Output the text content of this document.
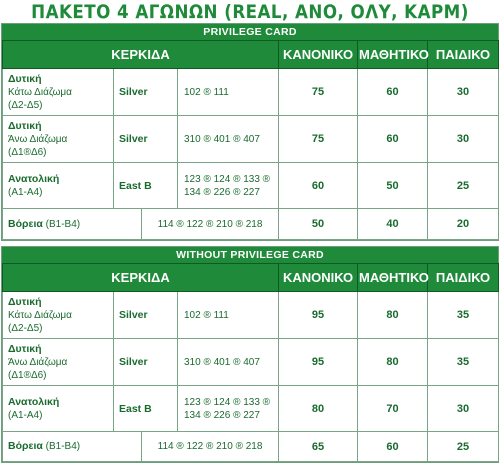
ΠΑΚΕΤΟ 4 ΑΓΩΝΩΝ (REAL, ΑΝΟ, ΟΛΥ, ΚΑΡΜ)
PRIVILEGE CARD
ΚΕΡΚΙΔΑ				ΚΑΝΟΝΙΚΟ	ΜΑΘΗΤΙΚΟ	ΠΑΙΔΙΚΟ
Δυτική
Κάτω Διάζωμα
(Δ2-Δ5)	Silver		102 ® 111	75	60	30
Δυτική
Άνω Διάζωμα
(Δ1®Δ6)	Silver		310 ® 401 ® 407	75	60	30
Ανατολική
(Α1-Α4)	East B		123 ® 124 ® 133 ®
134 ® 226 ® 227	60	50	25
Βόρεια (Β1-Β4)		114 ® 122 ® 210 ® 218		50	40	20
WITHOUT PRIVILEGE CARD
ΚΕΡΚΙΔΑ				ΚΑΝΟΝΙΚΟ	ΜΑΘΗΤΙΚΟ	ΠΑΙΔΙΚΟ
Δυτική
Κάτω Διάζωμα
(Δ2-Δ5)	Silver		102 ® 111	95	80	35
Δυτική
Άνω Διάζωμα
(Δ1®Δ6)	Silver		310 ® 401 ® 407	95	80	35
Ανατολική
(Α1-Α4)	East B		123 ® 124 ® 133 ®
134 ® 226 ® 227	80	70	30
Βόρεια (Β1-Β4)		114 ® 122 ® 210 ® 218		65	60	25
